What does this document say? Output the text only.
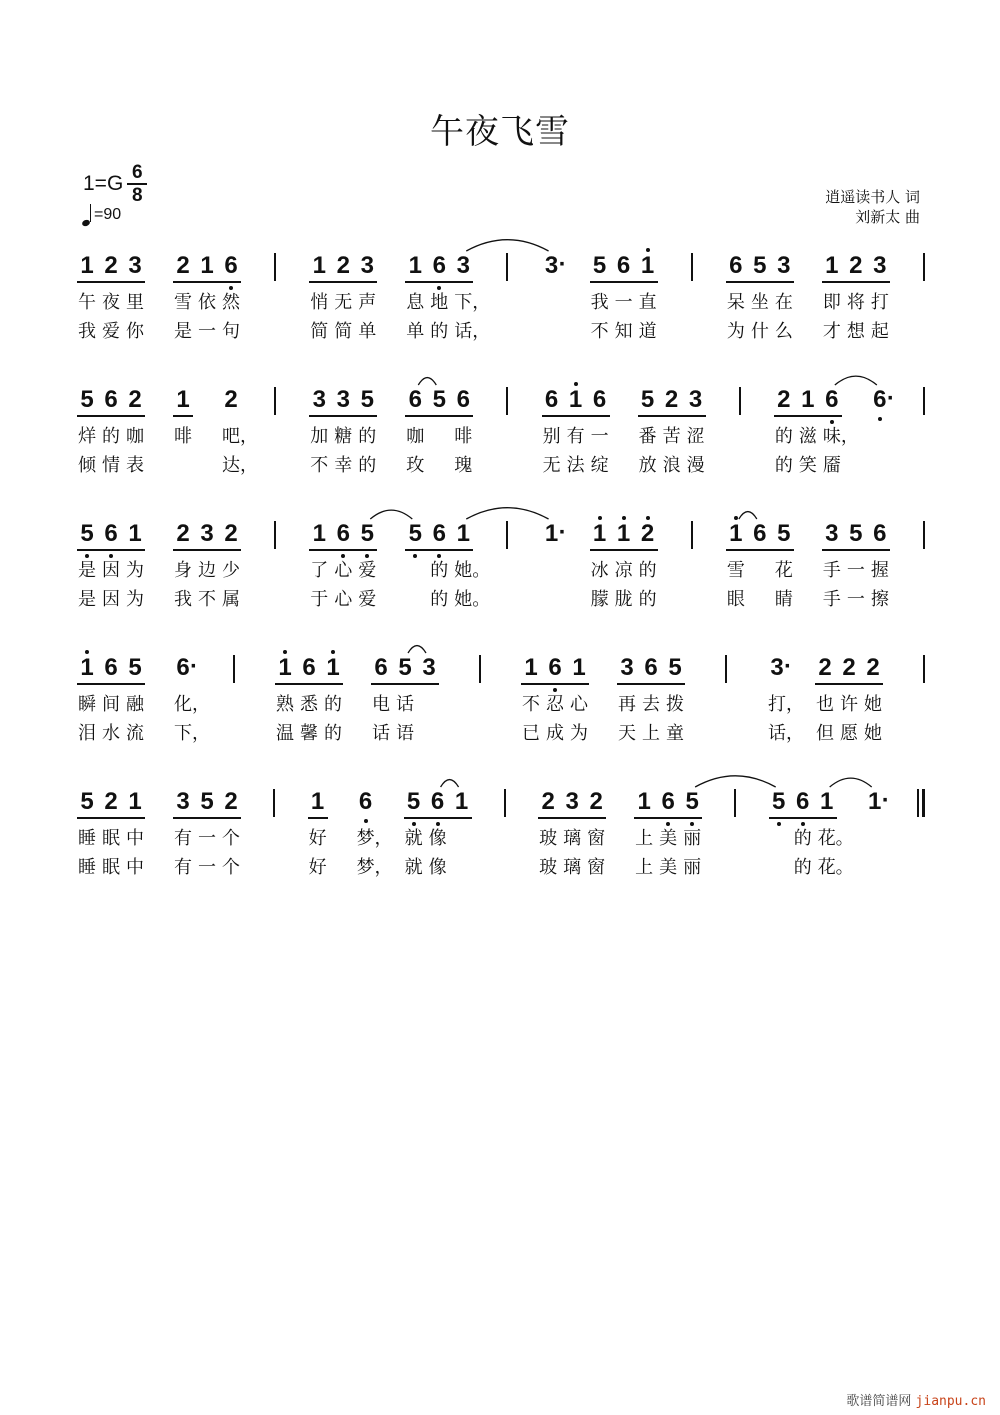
午夜飞雪
$1=G \frac{6}{8}$
=90
逍遥读书人 词
刘新太 曲
1
午
我
2
夜
爱
3
里
你
2
雪
是
1
依
一
6
然
句
1
悄
简
2
无
简
3
声
单
1
息
单
6
地
的
3
下，
话，
3 · 5
我
不
6
一
知
1
直
道
6
呆
为
5
坐
什
3
在
么
1
即
才
2
将
想
3
打
起
5
烊
倾
6
的
情
2
咖
表
1
啡
2
吧，
达，
3
加
不
3
糖
幸
5
的
的
6
咖
玫
5 6
啡
瑰
6
别
无
1
有
法
6
一
绽
5
番
放
2
苦
浪
3
涩
漫
2
的
的
1
滋
笑
6
味，
靥
6 ·
5
是
是
6
因
因
1
为
为
2
身
我
3
边
不
2
少
属
1
了
于
6
心
心
5
爱
爱
5 6
的
的
1
她。
她。
1 · 1
冰
朦
1
凉
胧
2
的
的
1
雪
眼
6 5
花
睛
3
手
手
5
一
一
6
握
擦
1
瞬
泪
6
间
水
5
融
流
6 ·
化，
下，
1
熟
温
6
悉
馨
1
的
的
6
电
话
5
话
语
3	1
不
已
6
忍
成
1
心
为
3
再
天
6
去
上
5
拨
童
3 ·
打，
话，
2
也
但
2
许
愿
2
她
她
5
睡
睡
2
眠
眠
1
中
中
3
有
有
5
一
一
2
个
个
1
好
好
6
梦，
梦，
5
就
就
6
像
像
1	2
玻
玻
3
璃
璃
2
窗
窗
1
上
上
6
美
美
5
丽
丽
5 6
的
的
1
花。
花。
1 ·
歌谱简谱网 jianpu.cn
